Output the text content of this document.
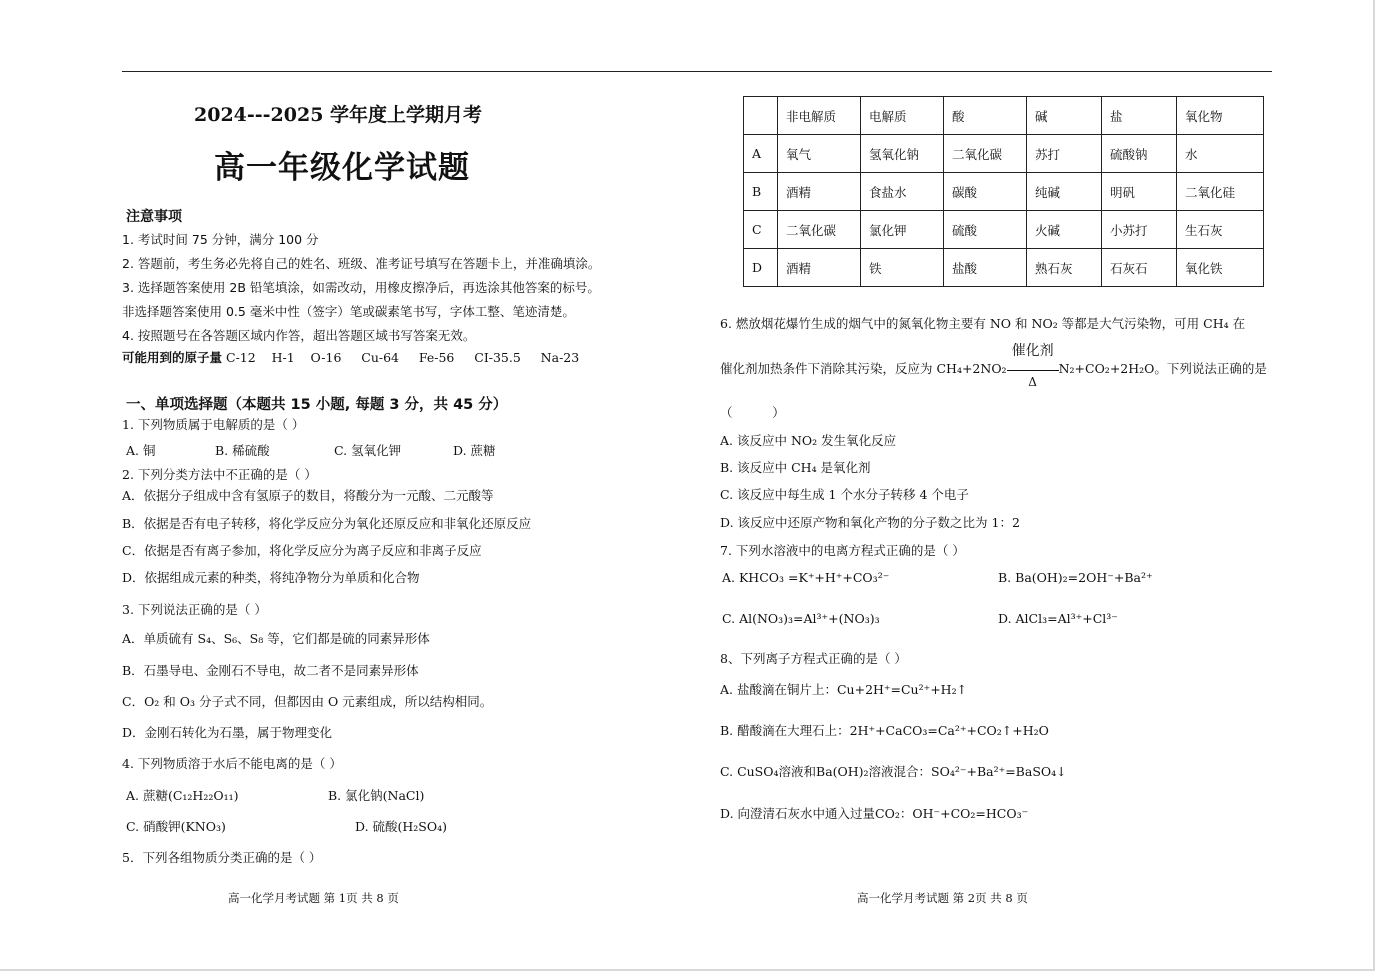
2024---2025 学年度上学期月考
高一年级化学试题
注意事项
1. 考试时间 75 分钟，满分 100 分
2. 答题前，考生务必先将自己的姓名、班级、准考证号填写在答题卡上，并准确填涂。
3. 选择题答案使用 2B 铅笔填涂，如需改动，用橡皮擦净后，再选涂其他答案的标号。
非选择题答案使用 0.5 毫米中性（签字）笔或碳素笔书写，字体工整、笔迹清楚。
4. 按照题号在各答题区域内作答，超出答题区域书写答案无效。
可能用到的原子量 C-12    H-1    O-16     Cu-64     Fe-56     CI-35.5     Na-23
一、单项选择题（本题共 15 小题, 每题 3 分，共 45 分）
1. 下列物质属于电解质的是（ ）
A. 铜	B. 稀硫酸	C. 氢氧化钾	D. 蔗糖
2. 下列分类方法中不正确的是（ ）
A．依据分子组成中含有氢原子的数目，将酸分为一元酸、二元酸等
B．依据是否有电子转移，将化学反应分为氧化还原反应和非氧化还原反应
C．依据是否有离子参加，将化学反应分为离子反应和非离子反应
D．依据组成元素的种类，将纯净物分为单质和化合物
3. 下列说法正确的是（ ）
A．单质硫有 S₄、S₆、S₈ 等，它们都是硫的同素异形体
B．石墨导电、金刚石不导电，故二者不是同素异形体
C．O₂ 和 O₃ 分子式不同，但都因由 O 元素组成，所以结构相同。
D．金刚石转化为石墨，属于物理变化
4. 下列物质溶于水后不能电离的是（ ）
A. 蔗糖(C₁₂H₂₂O₁₁)	B. 氯化钠(NaCl)
C. 硝酸钾(KNO₃)	D. 硫酸(H₂SO₄)
5．下列各组物质分类正确的是（ ）
高一化学月考试题 第 1页 共 8 页
	非电解质	电解质	酸	碱	盐	氧化物
A	氧气	氢氧化钠	二氧化碳	苏打	硫酸钠	水
B	酒精	食盐水	碳酸	纯碱	明矾	二氧化硅
C	二氧化碳	氯化钾	硫酸	火碱	小苏打	生石灰
D	酒精	铁	盐酸	熟石灰	石灰石	氧化铁
6. 燃放烟花爆竹生成的烟气中的氮氧化物主要有 NO 和 NO₂ 等都是大气污染物，可用 CH₄ 在
催化剂加热条件下消除其污染，反应为 $CH_4+2NO_2 \frac{\text{催化剂}}{\Delta} N_2+CO_2+2H_2O$。下列说法正确的是
（          ）
A. 该反应中 NO₂ 发生氧化反应
B. 该反应中 CH₄ 是氧化剂
C. 该反应中每生成 1 个水分子转移 4 个电子
D. 该反应中还原产物和氧化产物的分子数之比为 1：2
7. 下列水溶液中的电离方程式正确的是（ ）
A. KHCO₃ =K⁺+H⁺+CO₃²⁻	B. Ba(OH)₂=2OH⁻+Ba²⁺
C. Al(NO₃)₃=Al³⁺+(NO₃)₃	D. AlCl₃=Al³⁺+Cl³⁻
8、下列离子方程式正确的是（ ）
A. 盐酸滴在铜片上：Cu+2H⁺=Cu²⁺+H₂↑
B. 醋酸滴在大理石上：2H⁺+CaCO₃=Ca²⁺+CO₂↑+H₂O
C. CuSO₄溶液和Ba(OH)₂溶液混合：SO₄²⁻+Ba²⁺=BaSO₄↓
D. 向澄清石灰水中通入过量CO₂：OH⁻+CO₂=HCO₃⁻
高一化学月考试题 第 2页 共 8 页
